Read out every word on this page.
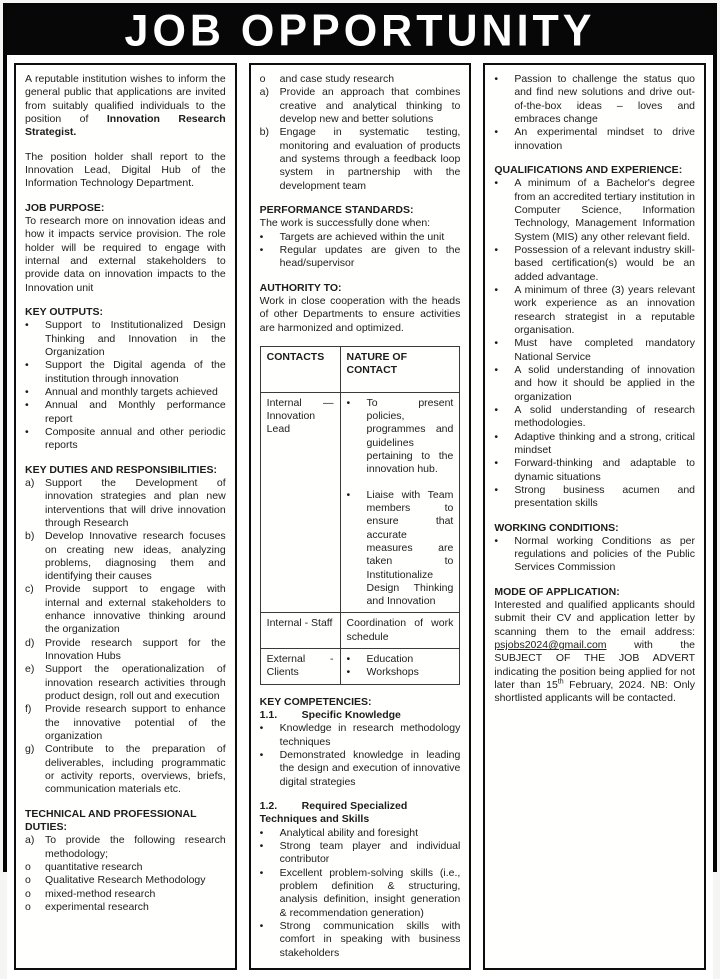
JOB OPPORTUNITY

A reputable institution wishes to inform the general public that applications are invited from suitably qualified individuals to the position of Innovation Research Strategist.

The position holder shall report to the Innovation Lead, Digital Hub of the Information Technology Department.

JOB PURPOSE:

To research more on innovation ideas and how it impacts service provision. The role holder will be required to engage with internal and external stakeholders to provide data on innovation impacts to the Innovation unit

KEY OUTPUTS:

•	Support to Institutionalized Design Thinking and Innovation in the Organization
•	Support the Digital agenda of the institution through innovation
•	Annual and monthly targets achieved
•	Annual and Monthly performance report
•	Composite annual and other periodic reports

KEY DUTIES AND RESPONSIBILITIES:

a)	Support the Development of innovation strategies and plan new interventions that will drive innovation through Research
b)	Develop Innovative research focuses on creating new ideas, analyzing problems, diagnosing them and identifying their causes
c)	Provide support to engage with internal and external stakeholders to enhance innovative thinking around the organization
d)	Provide research support for the Innovation Hubs
e)	Support the operationalization of innovation research activities through product design, roll out and execution
f)	Provide research support to enhance the innovative potential of the organization
g)	Contribute to the preparation of deliverables, including programmatic or activity reports, overviews, briefs, communication materials etc.

TECHNICAL AND PROFESSIONAL DUTIES:

a)	To provide the following research methodology;
o	quantitative research
o	Qualitative Research Methodology
o	mixed-method research
o	experimental research
o	and case study research
a)	Provide an approach that combines creative and analytical thinking to develop new and better solutions
b)	Engage in systematic testing, monitoring and evaluation of products and systems through a feedback loop system in partnership with the development team

PERFORMANCE STANDARDS:

The work is successfully done when:

•	Targets are achieved within the unit
•	Regular updates are given to the head/supervisor

AUTHORITY TO:

Work in close cooperation with the heads of other Departments to ensure activities are harmonized and optimized.

CONTACTS	NATURE OF CONTACT
Internal — Innovation Lead	• To present policies, programmes and guidelines pertaining to the innovation hub.
• Liaise with Team members to ensure that accurate measures are taken to Institutionalize Design Thinking and Innovation

Internal - Staff	Coordination of work schedule
External - Clients	• Education
• Workshops

KEY COMPETENCIES:

1.1. Specific Knowledge

•	Knowledge in research methodology techniques
•	Demonstrated knowledge in leading the design and execution of innovative digital strategies

1.2. Required Specialized Techniques and Skills

•	Analytical ability and foresight
•	Strong team player and individual contributor
•	Excellent problem-solving skills (i.e., problem definition & structuring, analysis definition, insight generation & recommendation generation)
•	Strong communication skills with comfort in speaking with business stakeholders
•	Passion to challenge the status quo and find new solutions and drive out-of-the-box ideas – loves and embraces change
•	An experimental mindset to drive innovation

QUALIFICATIONS AND EXPERIENCE:

•	A minimum of a Bachelor's degree from an accredited tertiary institution in Computer Science, Information Technology, Management Information System (MIS) any other relevant field.
•	Possession of a relevant industry skill-based certification(s) would be an added advantage.
•	A minimum of three (3) years relevant work experience as an innovation research strategist in a reputable organisation.
•	Must have completed mandatory National Service
•	A solid understanding of innovation and how it should be applied in the organization
•	A solid understanding of research methodologies.
•	Adaptive thinking and a strong, critical mindset
•	Forward-thinking and adaptable to dynamic situations
•	Strong business acumen and presentation skills

WORKING CONDITIONS:

•	Normal working Conditions as per regulations and policies of the Public Services Commission

MODE OF APPLICATION:

Interested and qualified applicants should submit their CV and application letter by scanning them to the email address: psjobs2024@gmail.com with the SUBJECT OF THE JOB ADVERT indicating the position being applied for not later than 15th February, 2024. NB: Only shortlisted applicants will be contacted.
